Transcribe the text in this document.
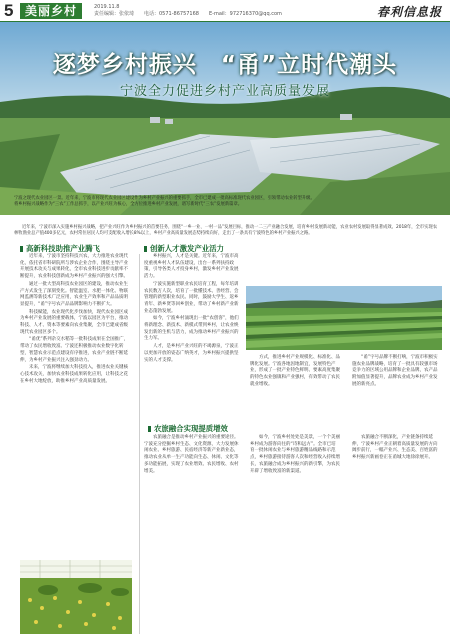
5 美丽乡村	2019.11.8　　　　　　　　　　　　　　　　　　
责任编辑：张依琦　　电话：0571-86757168　　E-mail：972716370@qq.com	春利信息报
逐梦乡村振兴　“甬”立时代潮头
宁波全力促进乡村产业高质量发展
宁波之现代农业园区一景。近年来，宁波市将现代农业园区建设作为乡村产业振兴的重要抓手，全市已建成一批高标准现代农业园区，引领带动农业转型升级。
将乡村振兴战略作为“三农”工作总抓手，以产业兴旺为核心，全方位推进乡村产业发展，谱写新时代“三农”发展新篇章。
近年来，宁波市深入实施乡村振兴战略，把产业兴旺作为乡村振兴的首要任务，围绕“一乡一业、一村一品”发展目标，推动一二三产业融合发展，培育乡村发展新动能，农业农村发展取得显著成效。2018年，全市实现农林牧渔业总产值400多亿元，农村常住居民人均可支配收入增长8%以上，乡村产业高质量发展态势持续向好，走出了一条具有宁波特色的乡村产业振兴之路。
高新科技助推产业腾飞

近年来，宁波市坚持科技兴农，大力推进农业现代化，依托省市科研院所与涉农企业合作，围绕主导产业开展技术攻关与成果转化，全市农业科技进步贡献率不断提升，农业科技创新成为乡村产业振兴的强大引擎。

通过一批大型高科技农业园区的建设，推动农业生产方式发生了深刻变化。智能温室、水肥一体化、物联网监测等新技术广泛应用，农业生产效率和产品品质明显提升，“甬”字号农产品品牌影响力不断扩大。

科技赋能，农业现代化步伐加快，现代农业园区成为乡村产业发展的重要载体，宁波以园区为平台，推动科技、人才、资本等要素向农业集聚，全市已建成省级现代农业园区多个。

“甬优”系列杂交水稻等一批科技成果在全国推广，带动了农民增收致富。宁波还积极推动农业数字化转型，智慧农业示范点建设有序推进，农业产业链不断延伸，为乡村产业振兴注入强劲动力。

未来，宁波将继续加大科技投入，推进农业关键核心技术攻关，加快农业科技成果转化应用，让科技之花在乡村大地绽放，助推乡村产业高质量发展。

创新人才激发产业活力

乡村振兴，人才是关键。近年来，宁波市高度重视乡村人才队伍建设，出台一系列扶持政策，引导各类人才投身乡村，激发乡村产业发展活力。

宁波实施新型职业农民培育工程，每年培训农民数万人次，培育了一批懂技术、善经营、会管理的新型职业农民。同时，鼓励大学生、返乡青年、新乡贤等回乡创业，带动了乡村新产业新业态蓬勃发展。

如今，宁波乡村涌现出一批“农创客”，他们将新理念、新技术、新模式带到乡村，让农业焕发出新的生机与活力，成为推动乡村产业振兴的生力军。

人才，是乡村产业兴旺的不竭源泉，宁波正以更加开放的姿态广纳英才，为乡村振兴提供坚实的人才支撑。

方式，推进乡村产业规模化、标准化、品牌化发展。宁波各地因地制宜，发展特色产业，形成了一批产业特色鲜明、要素高度集聚的特色农业强镇和产业强村，有效带动了农民就业增收。

“甬”字号品牌不断打响，宁波市积极实施农业品牌战略，培育了一批具有较强市场竞争力的区域公用品牌和企业品牌，农产品附加值显著提升，品牌农业成为乡村产业发展的新亮点。

农旅融合实现提质增效

农旅融合是推动乡村产业振兴的重要途径。宁波充分挖掘乡村生态、文化资源，大力发展休闲农业、乡村旅游、民宿经济等新产业新业态，推动农业从单一生产功能向生态、休闲、文化等多功能拓展，实现了农业增效、农民增收、农村增美。

如今，宁波乡村处处是美景，一个个美丽乡村成为游客向往的“诗和远方”。全市已培育一批休闲农业与乡村旅游精品线路和示范点，乡村旅游接待游客人次和经营收入持续增长，农旅融合成为乡村振兴的新引擎，为农民开辟了增收致富的新渠道。

农旅融合不断深化，产业链条持续延伸，宁波乡村产业正朝着高质量发展的方向阔步前行，一幅产业兴、生态美、百姓富的乡村振兴新画卷正在甬城大地徐徐展开。
